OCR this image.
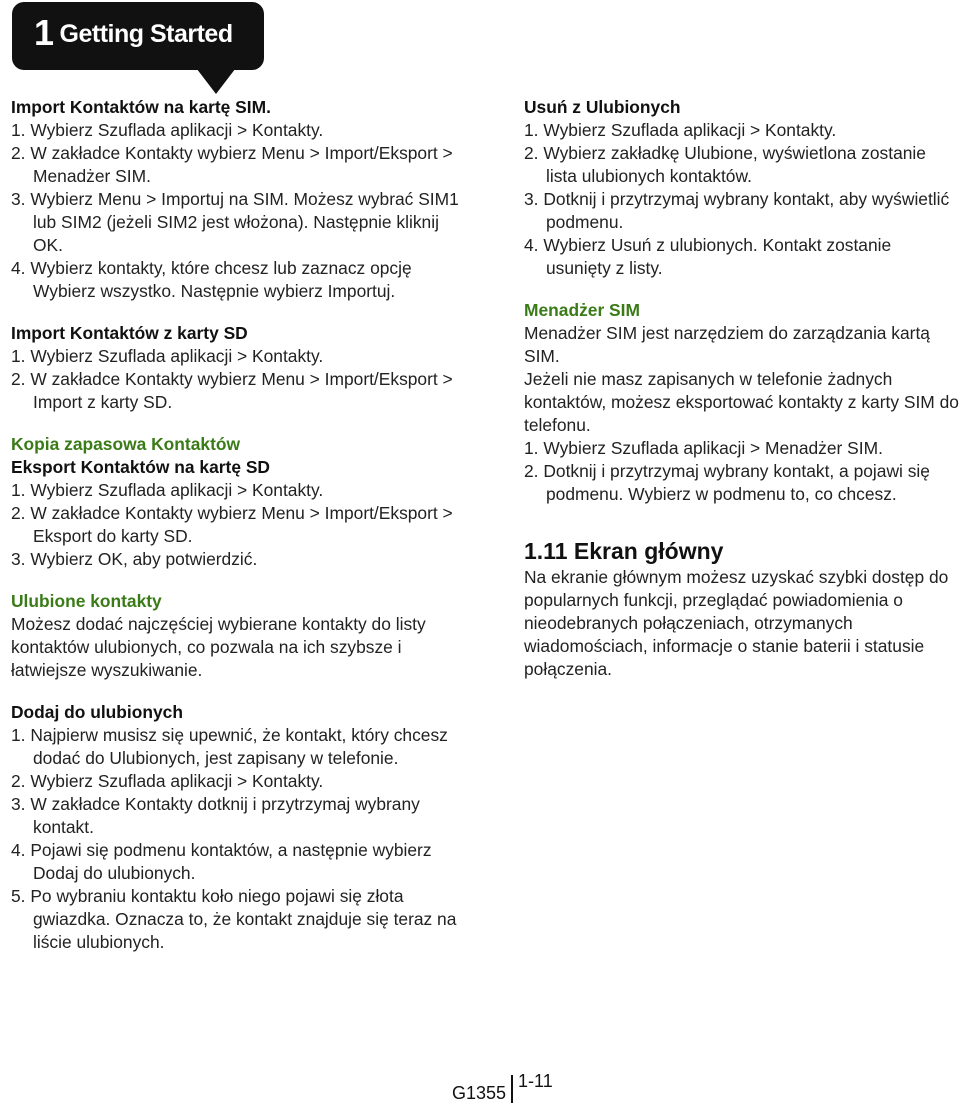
1 Getting Started
Import Kontaktów na kartę SIM.
1. Wybierz Szuflada aplikacji > Kontakty.
2. W zakładce Kontakty wybierz Menu > Import/Eksport > Menadżer SIM.
3. Wybierz Menu > Importuj na SIM. Możesz wybrać SIM1 lub SIM2 (jeżeli SIM2 jest włożona). Następnie kliknij OK.
4. Wybierz kontakty, które chcesz lub zaznacz opcję Wybierz wszystko. Następnie wybierz Importuj.
Import Kontaktów z karty SD
1. Wybierz Szuflada aplikacji > Kontakty.
2. W zakładce Kontakty wybierz Menu > Import/Eksport > Import z karty SD.
Kopia zapasowa Kontaktów
Eksport Kontaktów na kartę SD
1. Wybierz Szuflada aplikacji > Kontakty.
2. W zakładce Kontakty wybierz Menu > Import/Eksport > Eksport do karty SD.
3. Wybierz OK, aby potwierdzić.
Ulubione kontakty
Możesz dodać najczęściej wybierane kontakty do listy kontaktów ulubionych, co pozwala na ich szybsze i łatwiejsze wyszukiwanie.
Dodaj do ulubionych
1. Najpierw musisz się upewnić, że kontakt, który chcesz dodać do Ulubionych, jest zapisany w telefonie.
2. Wybierz Szuflada aplikacji > Kontakty.
3. W zakładce Kontakty dotknij i przytrzymaj wybrany kontakt.
4. Pojawi się podmenu kontaktów, a następnie wybierz Dodaj do ulubionych.
5. Po wybraniu kontaktu koło niego pojawi się złota gwiazdka. Oznacza to, że kontakt znajduje się teraz na liście ulubionych.
Usuń z Ulubionych
1. Wybierz Szuflada aplikacji > Kontakty.
2. Wybierz zakładkę Ulubione, wyświetlona zostanie lista ulubionych kontaktów.
3. Dotknij i przytrzymaj wybrany kontakt, aby wyświetlić podmenu.
4. Wybierz Usuń z ulubionych. Kontakt zostanie usunięty z listy.
Menadżer SIM
Menadżer SIM jest narzędziem do zarządzania kartą SIM.
Jeżeli nie masz zapisanych w telefonie żadnych kontaktów, możesz eksportować kontakty z karty SIM do telefonu.
1. Wybierz Szuflada aplikacji > Menadżer SIM.
2. Dotknij i przytrzymaj wybrany kontakt, a pojawi się podmenu. Wybierz w podmenu to, co chcesz.
1.11 Ekran główny
Na ekranie głównym możesz uzyskać szybki dostęp do popularnych funkcji, przeglądać powiadomienia o nieodebranych połączeniach, otrzymanych wiadomościach, informacje o stanie baterii i statusie połączenia.
G13551-11
